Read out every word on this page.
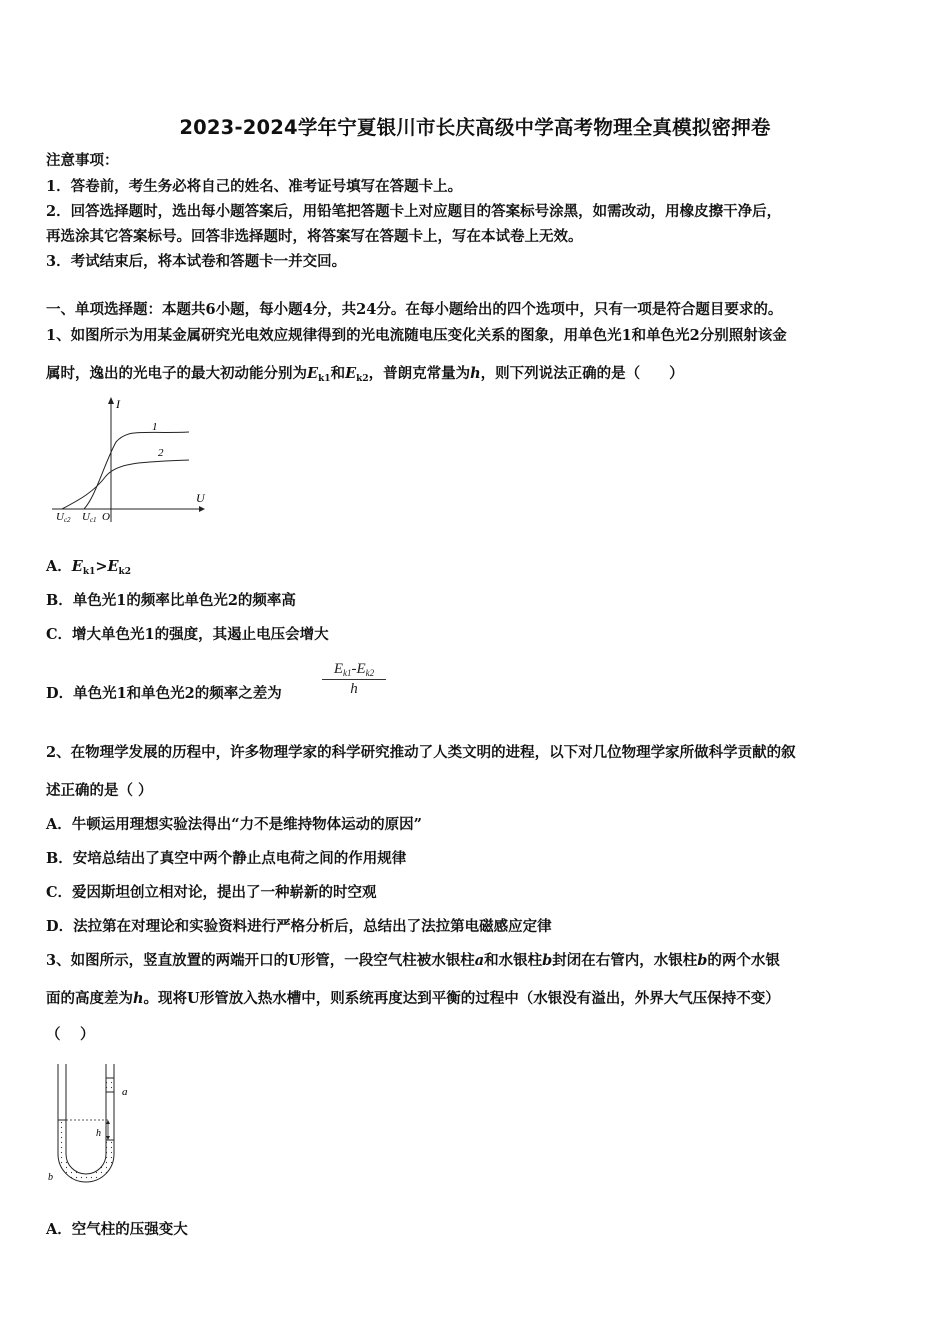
2023-2024学年宁夏银川市长庆高级中学高考物理全真模拟密押卷
注意事项：
1．答卷前，考生务必将自己的姓名、准考证号填写在答题卡上。
2．回答选择题时，选出每小题答案后，用铅笔把答题卡上对应题目的答案标号涂黑，如需改动，用橡皮擦干净后，
再选涂其它答案标号。回答非选择题时，将答案写在答题卡上，写在本试卷上无效。
3．考试结束后，将本试卷和答题卡一并交回。
一、单项选择题：本题共6小题，每小题4分，共24分。在每小题给出的四个选项中，只有一项是符合题目要求的。
1、如图所示为用某金属研究光电效应规律得到的光电流随电压变化关系的图象，用单色光1和单色光2分别照射该金
属时，逸出的光电子的最大初动能分别为$E_{k1}$和$E_{k2}$，普朗克常量为h，则下列说法正确的是（　　）
I
U
O
1
2
Uc2 Uc1
A．$E_{k1}>E_{k2}$
B．单色光1的频率比单色光2的频率高
C．增大单色光1的强度，其遏止电压会增大
D．单色光1和单色光2的频率之差为	$\frac{E_{k1}-E_{k2}}{h}$
2、在物理学发展的历程中，许多物理学家的科学研究推动了人类文明的进程，以下对几位物理学家所做科学贡献的叙
述正确的是（ ）
A．牛顿运用理想实验法得出“力不是维持物体运动的原因”
B．安培总结出了真空中两个静止点电荷之间的作用规律
C．爱因斯坦创立相对论，提出了一种崭新的时空观
D．法拉第在对理论和实验资料进行严格分析后，总结出了法拉第电磁感应定律
3、如图所示，竖直放置的两端开口的U形管，一段空气柱被水银柱a和水银柱b封闭在右管内，水银柱b的两个水银
面的高度差为h。现将U形管放入热水槽中，则系统再度达到平衡的过程中（水银没有溢出，外界大气压保持不变）
（　 ）
a
h
b
A．空气柱的压强变大
